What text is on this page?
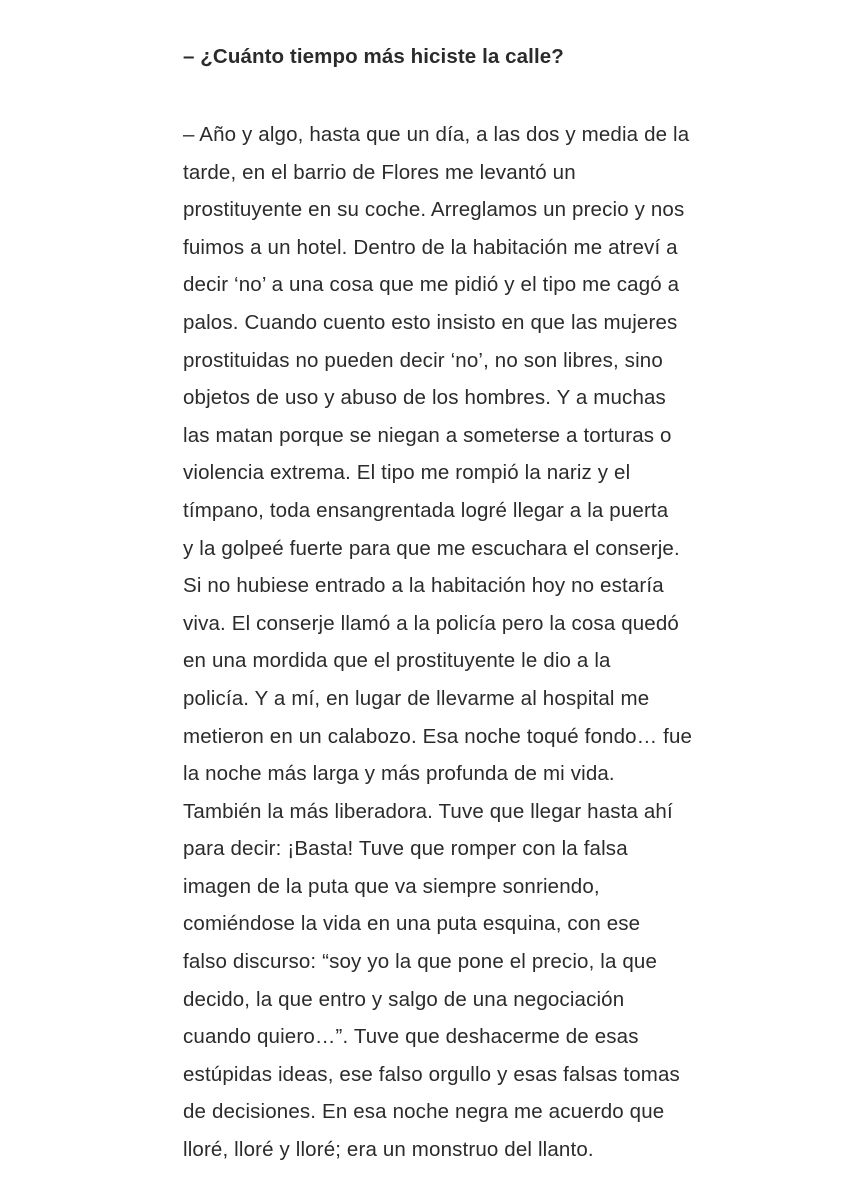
– ¿Cuánto tiempo más hiciste la calle?

– Año y algo, hasta que un día, a las dos y media de la
tarde, en el barrio de Flores me levantó un
prostituyente en su coche. Arreglamos un precio y nos
fuimos a un hotel. Dentro de la habitación me atreví a
decir ‘no’ a una cosa que me pidió y el tipo me cagó a
palos. Cuando cuento esto insisto en que las mujeres
prostituidas no pueden decir ‘no’, no son libres, sino
objetos de uso y abuso de los hombres. Y a muchas
las matan porque se niegan a someterse a torturas o
violencia extrema. El tipo me rompió la nariz y el
tímpano, toda ensangrentada logré llegar a la puerta
y la golpeé fuerte para que me escuchara el conserje.
Si no hubiese entrado a la habitación hoy no estaría
viva. El conserje llamó a la policía pero la cosa quedó
en una mordida que el prostituyente le dio a la
policía. Y a mí, en lugar de llevarme al hospital me
metieron en un calabozo. Esa noche toqué fondo… fue
la noche más larga y más profunda de mi vida.
También la más liberadora. Tuve que llegar hasta ahí
para decir: ¡Basta! Tuve que romper con la falsa
imagen de la puta que va siempre sonriendo,
comiéndose la vida en una puta esquina, con ese
falso discurso: “soy yo la que pone el precio, la que
decido, la que entro y salgo de una negociación
cuando quiero…”. Tuve que deshacerme de esas
estúpidas ideas, ese falso orgullo y esas falsas tomas
de decisiones. En esa noche negra me acuerdo que
lloré, lloré y lloré; era un monstruo del llanto.
